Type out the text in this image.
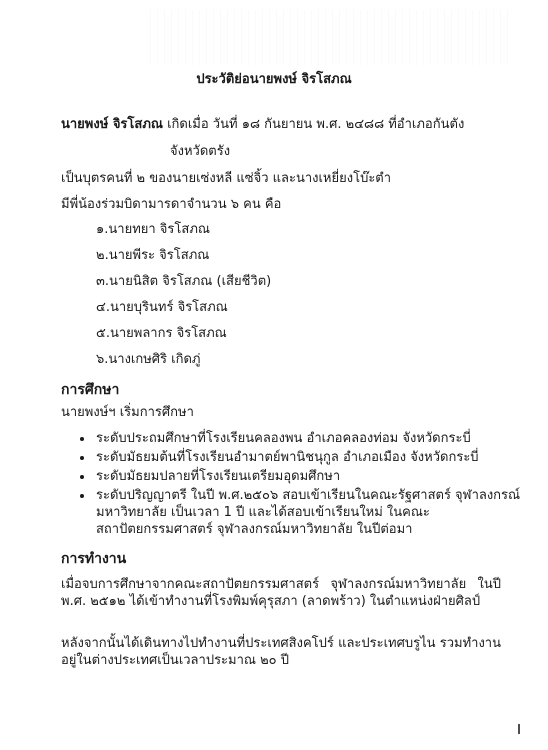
ประวัติย่อนายพงษ์ จิรโสภณ
นายพงษ์ จิรโสภณ เกิดเมื่อ วันที่ ๑๘ กันยายน พ.ศ. ๒๔๘๘ ที่อำเภอกันตัง
จังหวัดตรัง
เป็นบุตรคนที่ ๒ ของนายเซ่งหลี แซ่จิ้ว และนางเหยี่ยงโบ๊ะตำ
มีพี่น้องร่วมบิดามารดาจำนวน ๖ คน คือ
๑.นายทยา จิรโสภณ
๒.นายพีระ จิรโสภณ
๓.นายนิสิต จิรโสภณ (เสียชีวิต)
๔.นายบุรินทร์ จิรโสภณ
๕.นายพลากร จิรโสภณ
๖.นางเกษศิริ เกิดภู่
การศึกษา
นายพงษ์ฯ เริ่มการศึกษา
• ระดับประถมศึกษาที่โรงเรียนคลองพน อำเภอคลองท่อม จังหวัดกระบี่
• ระดับมัธยมต้นที่โรงเรียนอำมาตย์พานิชนุกูล อำเภอเมือง จังหวัดกระบี่
• ระดับมัธยมปลายที่โรงเรียนเตรียมอุดมศึกษา
• ระดับปริญญาตรี ในปี พ.ศ.๒๕๐๖ สอบเข้าเรียนในคณะรัฐศาสตร์ จุฬาลงกรณ์มหาวิทยาลัย เป็นเวลา 1 ปี และได้สอบเข้าเรียนใหม่ ในคณะสถาปัตยกรรมศาสตร์ จุฬาลงกรณ์มหาวิทยาลัย ในปีต่อมา
การทำงาน
เมื่อจบการศึกษาจากคณะสถาปัตยกรรมศาสตร์ จุฬาลงกรณ์มหาวิทยาลัย ในปี พ.ศ. ๒๕๑๒ ได้เข้าทำงานที่โรงพิมพ์คุรุสภา (ลาดพร้าว) ในตำแหน่งฝ่ายศิลป์
หลังจากนั้นได้เดินทางไปทำงานที่ประเทศสิงคโปร์ และประเทศบรูไน รวมทำงานอยู่ในต่างประเทศเป็นเวลาประมาณ ๒๐ ปี
